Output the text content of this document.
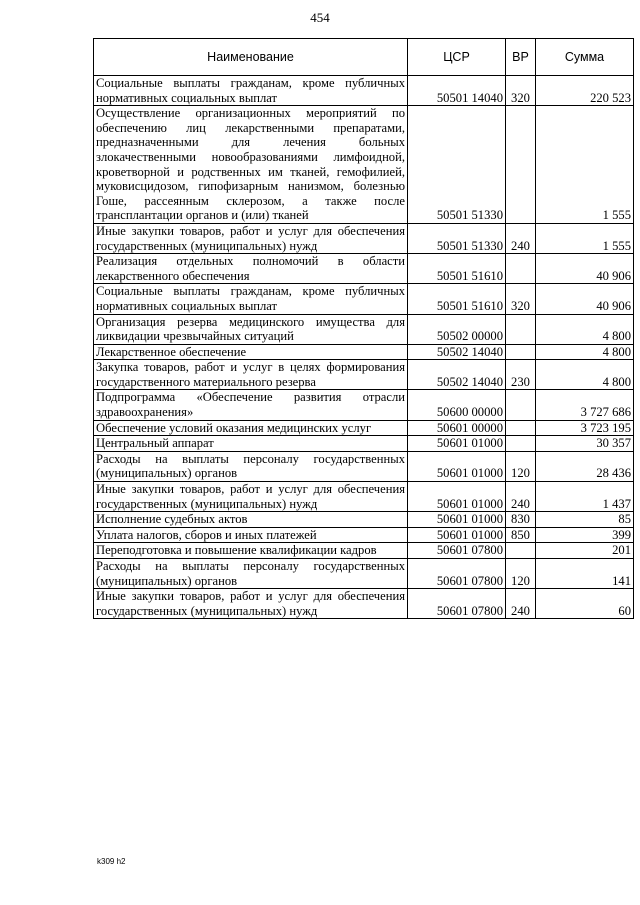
454
Наименование	ЦСР	ВР	Сумма
Социальные выплаты гражданам, кроме публичных нормативных социальных выплат	50501 14040	320	220 523
Осуществление организационных мероприятий по обеспечению лиц лекарственными препаратами, предназначенными для лечения больных злокачественными новообразованиями лимфоидной, кроветворной и родственных им тканей, гемофилией, муковисцидозом, гипофизарным нанизмом, болезнью Гоше, рассеянным склерозом, а также после трансплантации органов и (или) тканей	50501 51330		1 555
Иные закупки товаров, работ и услуг для обеспечения государственных (муниципальных) нужд	50501 51330	240	1 555
Реализация отдельных полномочий в области лекарственного обеспечения	50501 51610		40 906
Социальные выплаты гражданам, кроме публичных нормативных социальных выплат	50501 51610	320	40 906
Организация резерва медицинского имущества для ликвидации чрезвычайных ситуаций	50502 00000		4 800
Лекарственное обеспечение	50502 14040		4 800
Закупка товаров, работ и услуг в целях формирования государственного материального резерва	50502 14040	230	4 800
Подпрограмма «Обеспечение развития отрасли здравоохранения»	50600 00000		3 727 686
Обеспечение условий оказания медицинских услуг	50601 00000		3 723 195
Центральный аппарат	50601 01000		30 357
Расходы на выплаты персоналу государственных (муниципальных) органов	50601 01000	120	28 436
Иные закупки товаров, работ и услуг для обеспечения государственных (муниципальных) нужд	50601 01000	240	1 437
Исполнение судебных актов	50601 01000	830	85
Уплата налогов, сборов и иных платежей	50601 01000	850	399
Переподготовка и повышение квалификации кадров	50601 07800		201
Расходы на выплаты персоналу государственных (муниципальных) органов	50601 07800	120	141
Иные закупки товаров, работ и услуг для обеспечения государственных (муниципальных) нужд	50601 07800	240	60
k309 h2
